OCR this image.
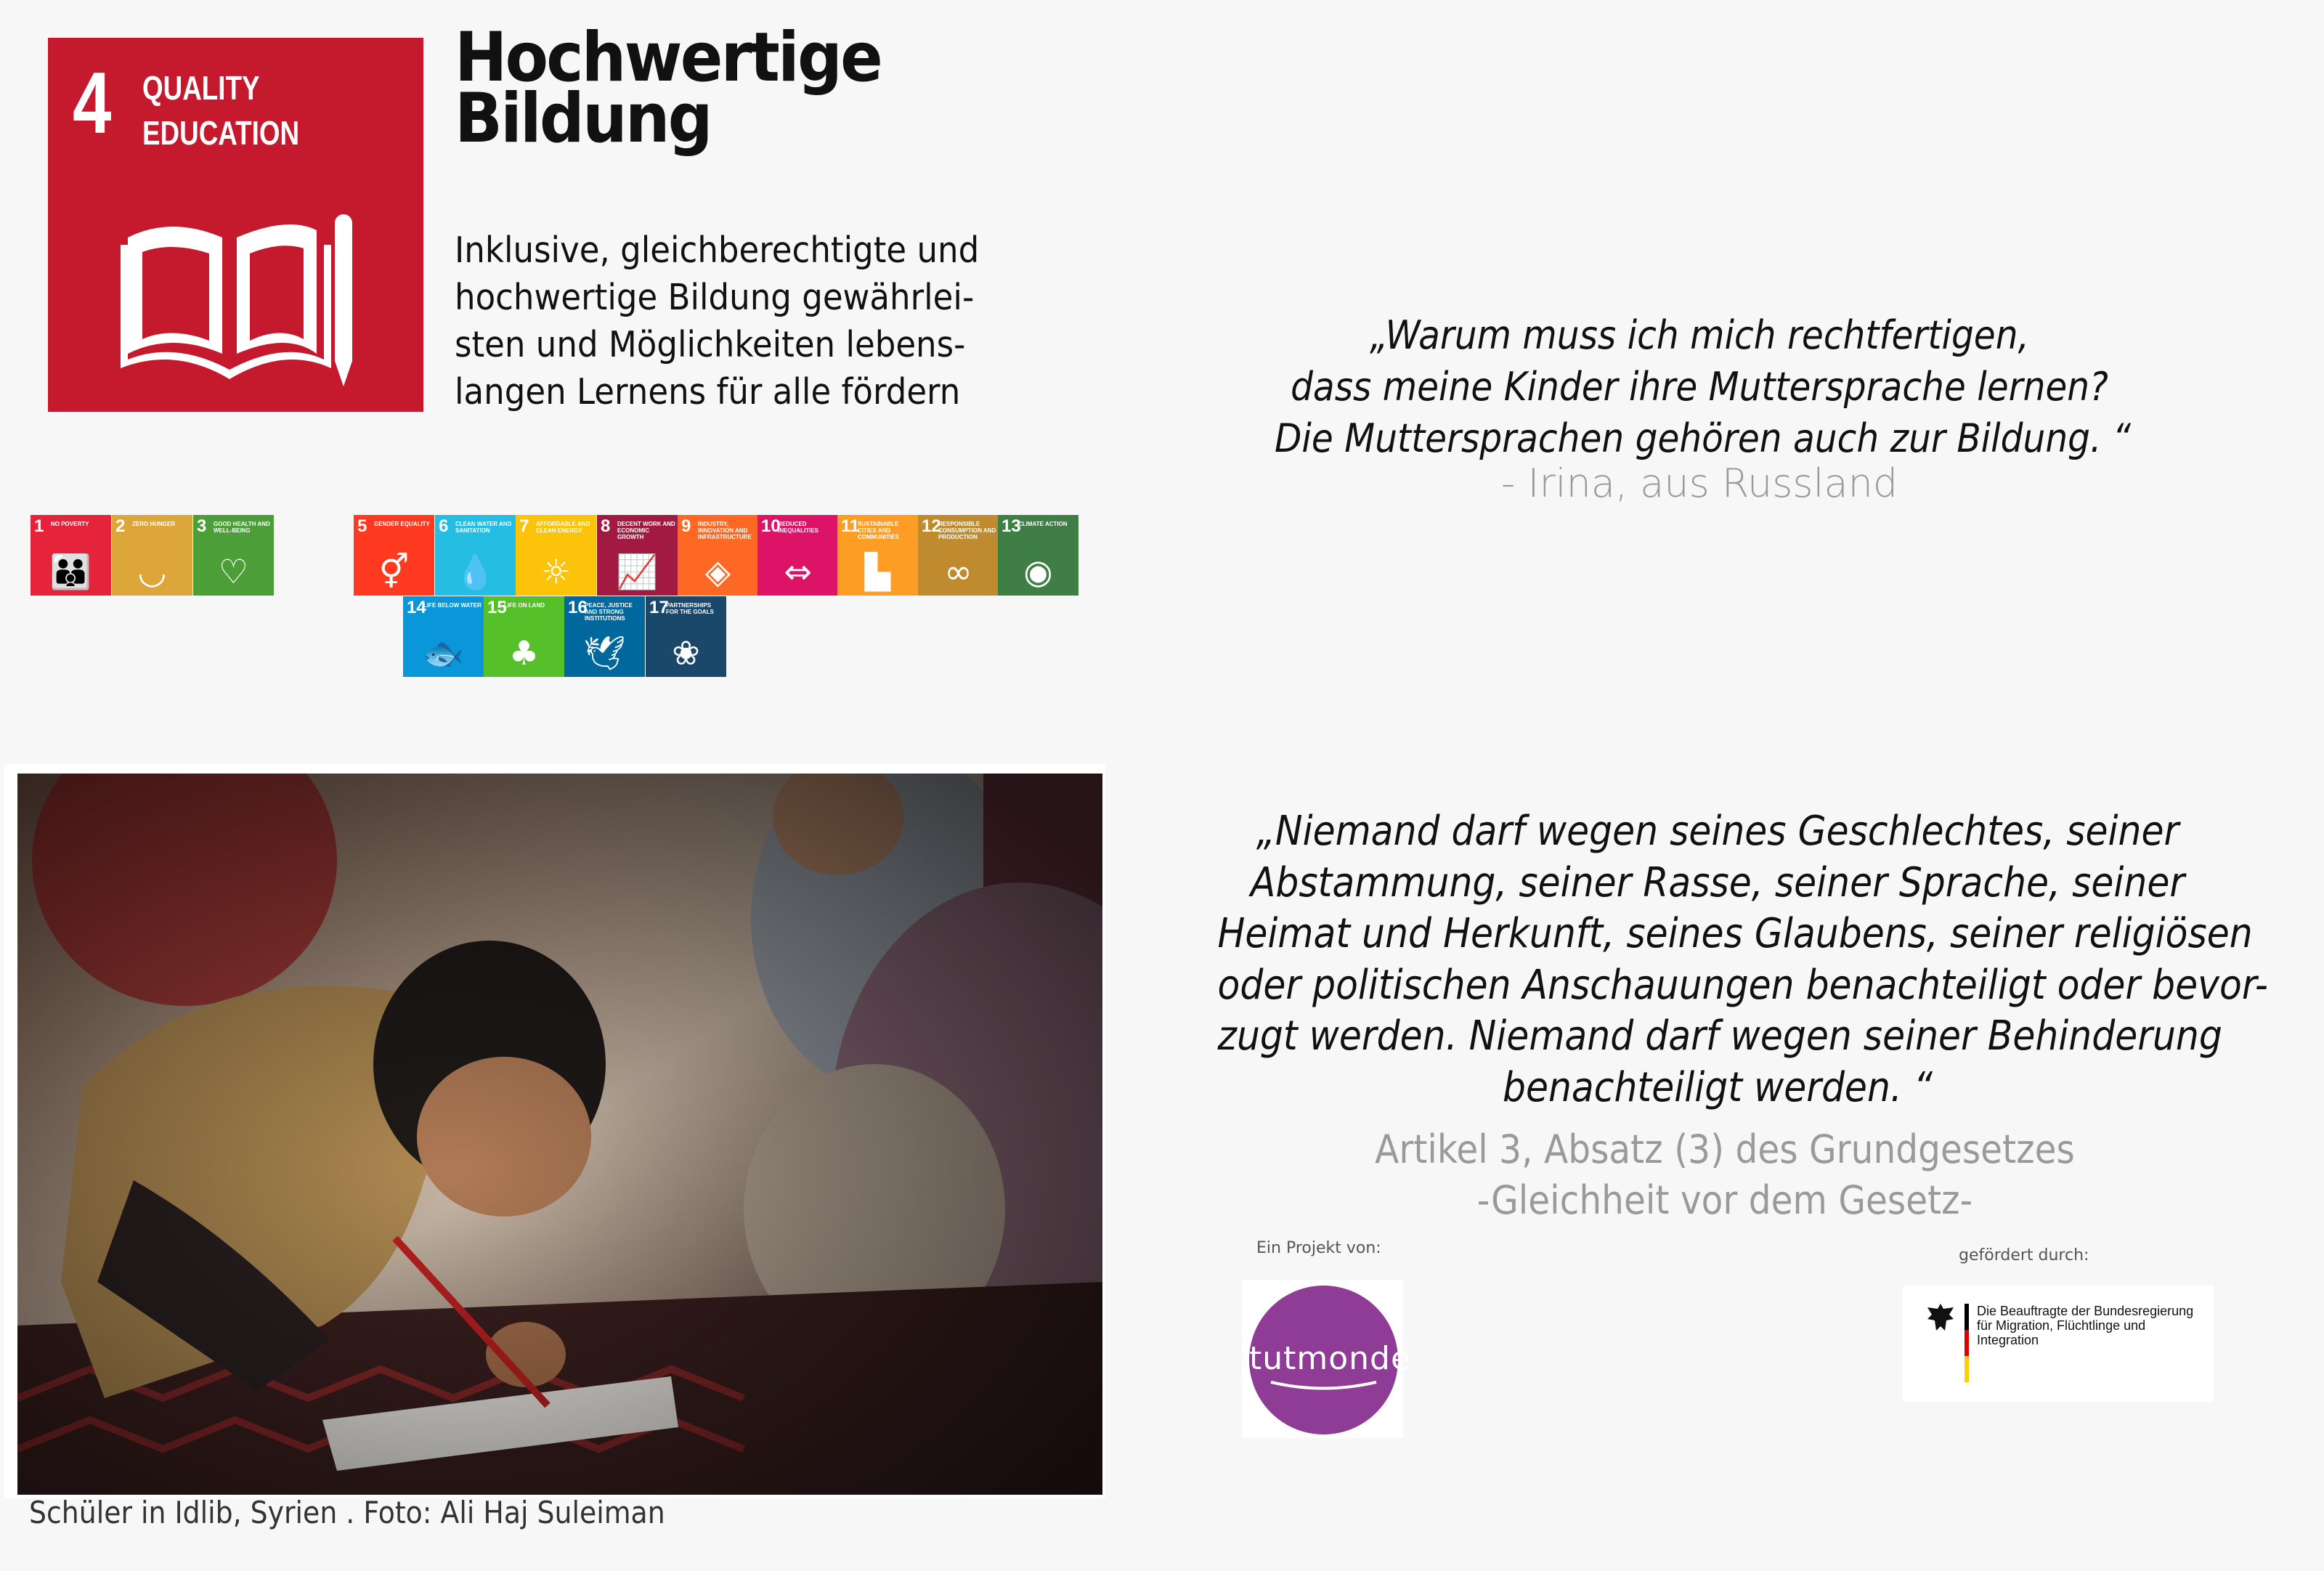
4 QUALITY
EDUCATION
Hochwertige
Bildung
Inklusive, gleichberechtigte und
hochwertige Bildung gewährlei-
sten und Möglichkeiten lebens-
langen Lernens für alle fördern
1 NO POVERTY
👪
2 ZERO HUNGER
◡
3 GOOD HEALTH AND WELL-BEING
♡
5 GENDER EQUALITY
⚥
6 CLEAN WATER AND SANITATION
💧
7 AFFORDABLE AND CLEAN ENERGY
☼
8 DECENT WORK AND ECONOMIC GROWTH
📈
9 INDUSTRY, INNOVATION AND INFRASTRUCTURE
◈
10
REDUCED INEQUALITIES
⇔
11
SUSTAINABLE CITIES AND COMMUNITIES
▙
12
RESPONSIBLE CONSUMPTION AND PRODUCTION
∞
13
CLIMATE ACTION
◉
14
LIFE BELOW WATER
🐟
15
LIFE ON LAND
♣
16
PEACE, JUSTICE AND STRONG INSTITUTIONS
🕊
17
PARTNERSHIPS FOR THE GOALS
❀
„Warum muss ich mich rechtfertigen,
dass meine Kinder ihre Muttersprache lernen?
Die Muttersprachen gehören auch zur Bildung. “
- Irina, aus Russland
Schüler in Idlib, Syrien . Foto: Ali Haj Suleiman
„Niemand darf wegen seines Geschlechtes, seiner
Abstammung, seiner Rasse, seiner Sprache, seiner
Heimat und Herkunft, seines Glaubens, seiner religiösen
oder politischen Anschauungen benachteiligt oder bevor-
zugt werden. Niemand darf wegen seiner Behinderung
benachteiligt werden. “
Artikel 3, Absatz (3) des Grundgesetzes
-Gleichheit vor dem Gesetz-
Ein Projekt von:
tutmonde
gefördert durch:
Die Beauftragte der Bundesregierung
für Migration, Flüchtlinge und
Integration
